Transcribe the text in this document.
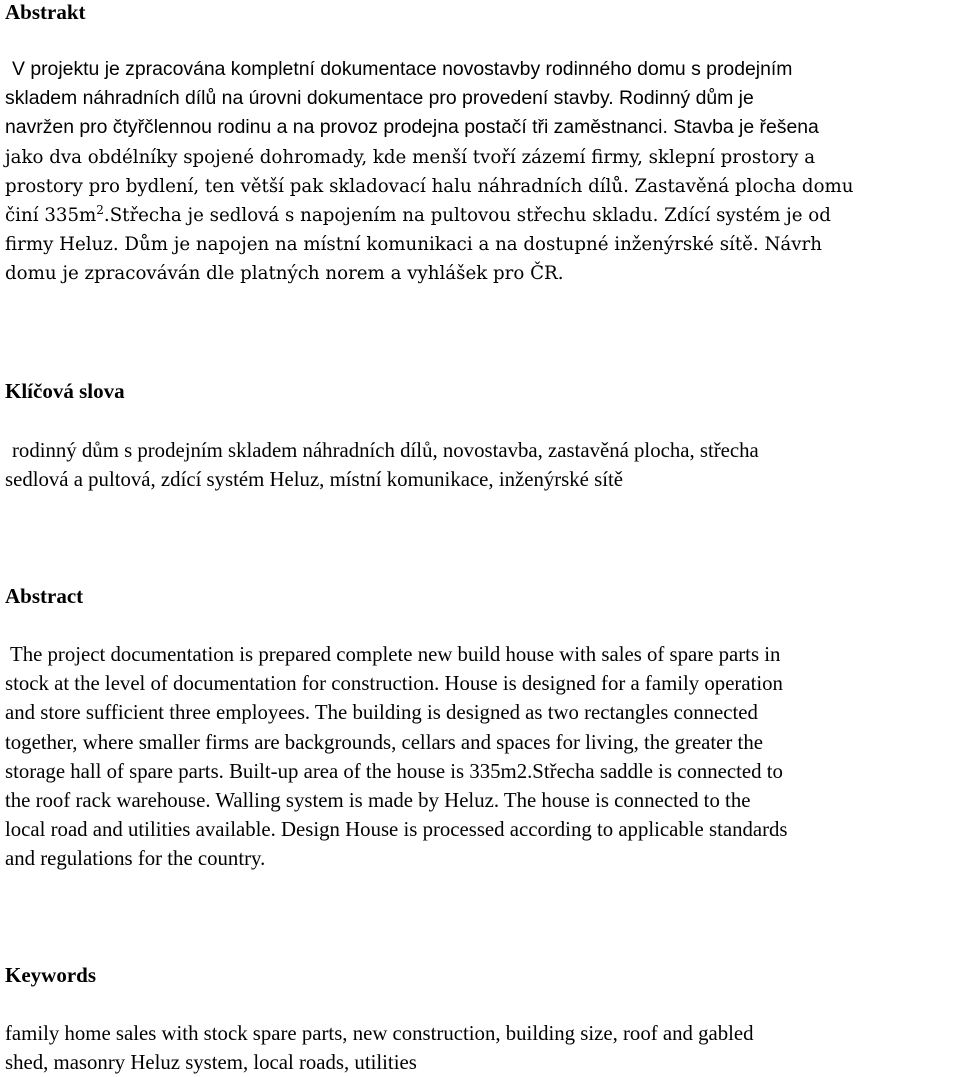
Abstrakt
V projektu je zpracována kompletní dokumentace novostavby rodinného domu s prodejním
skladem náhradních dílů na úrovni dokumentace pro provedení stavby. Rodinný dům je
navržen pro čtyřčlennou rodinu a na provoz prodejna postačí tři zaměstnanci. Stavba je řešena
jako dva obdélníky spojené dohromady, kde menší tvoří zázemí firmy, sklepní prostory a
prostory pro bydlení, ten větší pak skladovací halu náhradních dílů. Zastavěná plocha domu
činí $335m^2.Střecha$ je sedlová s napojením na pultovou střechu skladu. Zdící systém je od
firmy Heluz. Dům je napojen na místní komunikaci a na dostupné inženýrské sítě. Návrh
domu je zpracováván dle platných norem a vyhlášek pro ČR.
Klíčová slova
rodinný dům s prodejním skladem náhradních dílů, novostavba, zastavěná plocha, střecha
sedlová a pultová, zdící systém Heluz, místní komunikace, inženýrské sítě
Abstract
The project documentation is prepared complete new build house with sales of spare parts in
stock at the level of documentation for construction. House is designed for a family operation
and store sufficient three employees. The building is designed as two rectangles connected
together, where smaller firms are backgrounds, cellars and spaces for living, the greater the
storage hall of spare parts. Built-up area of the house is 335m2.Střecha saddle is connected to
the roof rack warehouse. Walling system is made by Heluz. The house is connected to the
local road and utilities available. Design House is processed according to applicable standards
and regulations for the country.
Keywords
family home sales with stock spare parts, new construction, building size, roof and gabled
shed, masonry Heluz system, local roads, utilities
